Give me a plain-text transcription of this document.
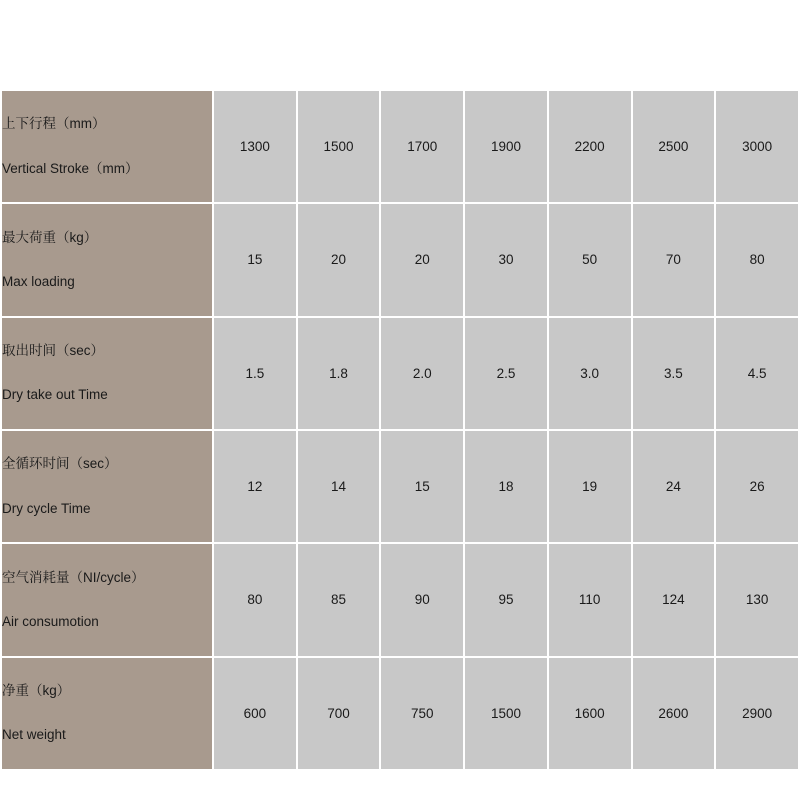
上下行程（mm）

Vertical Stroke（mm）	1300	1500	1700	1900	2200	2500	3000

最大荷重（kg）

Max loading	15	20	20	30	50	70	80

取出时间（sec）

Dry take out Time	1.5	1.8	2.0	2.5	3.0	3.5	4.5

全循环时间（sec）

Dry cycle Time	12	14	15	18	19	24	26

空气消耗量（NI/cycle）

Air consumotion	80	85	90	95	110	124	130

净重（kg）

Net weight	600	700	750	1500	1600	2600	2900
